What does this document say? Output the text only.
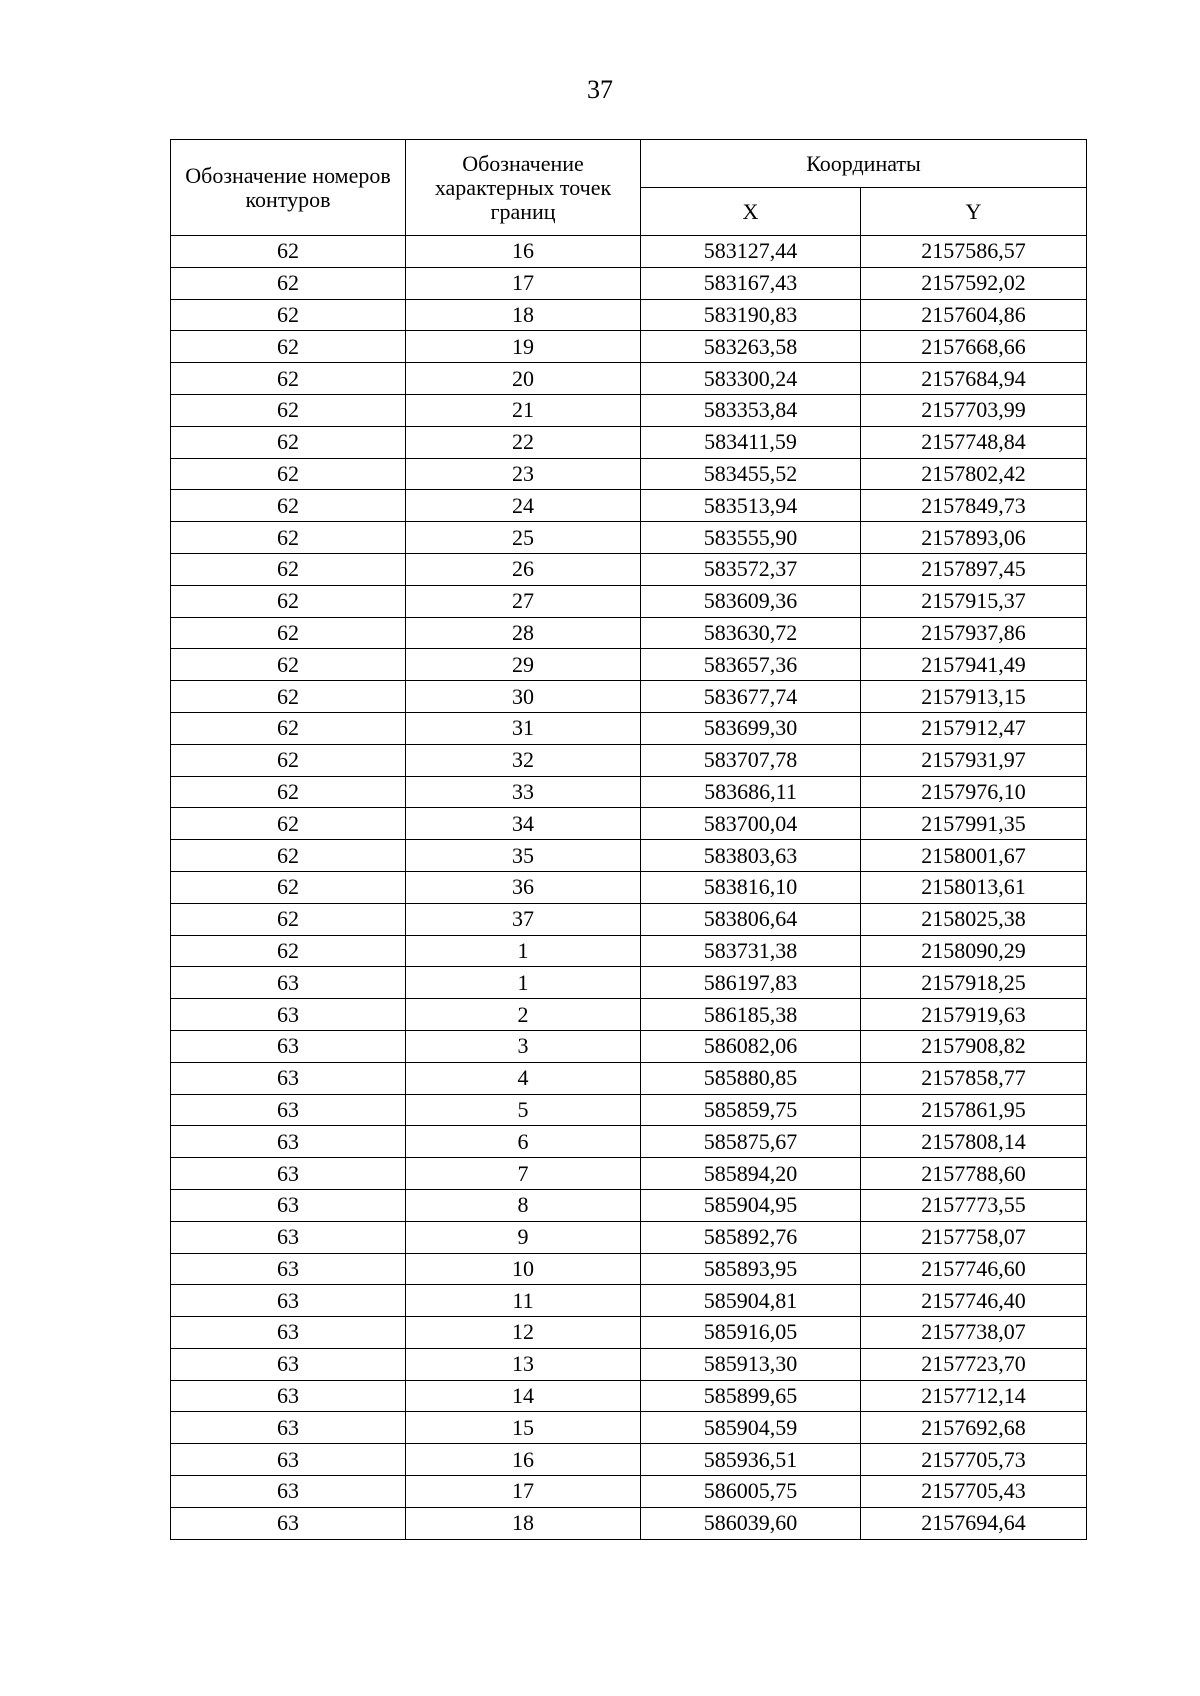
37
Обозначение номеров контуров	Обозначение характерных точек границ	Координаты	
		X	Y
62	16	583127,44	2157586,57
62	17	583167,43	2157592,02
62	18	583190,83	2157604,86
62	19	583263,58	2157668,66
62	20	583300,24	2157684,94
62	21	583353,84	2157703,99
62	22	583411,59	2157748,84
62	23	583455,52	2157802,42
62	24	583513,94	2157849,73
62	25	583555,90	2157893,06
62	26	583572,37	2157897,45
62	27	583609,36	2157915,37
62	28	583630,72	2157937,86
62	29	583657,36	2157941,49
62	30	583677,74	2157913,15
62	31	583699,30	2157912,47
62	32	583707,78	2157931,97
62	33	583686,11	2157976,10
62	34	583700,04	2157991,35
62	35	583803,63	2158001,67
62	36	583816,10	2158013,61
62	37	583806,64	2158025,38
62	1	583731,38	2158090,29
63	1	586197,83	2157918,25
63	2	586185,38	2157919,63
63	3	586082,06	2157908,82
63	4	585880,85	2157858,77
63	5	585859,75	2157861,95
63	6	585875,67	2157808,14
63	7	585894,20	2157788,60
63	8	585904,95	2157773,55
63	9	585892,76	2157758,07
63	10	585893,95	2157746,60
63	11	585904,81	2157746,40
63	12	585916,05	2157738,07
63	13	585913,30	2157723,70
63	14	585899,65	2157712,14
63	15	585904,59	2157692,68
63	16	585936,51	2157705,73
63	17	586005,75	2157705,43
63	18	586039,60	2157694,64
